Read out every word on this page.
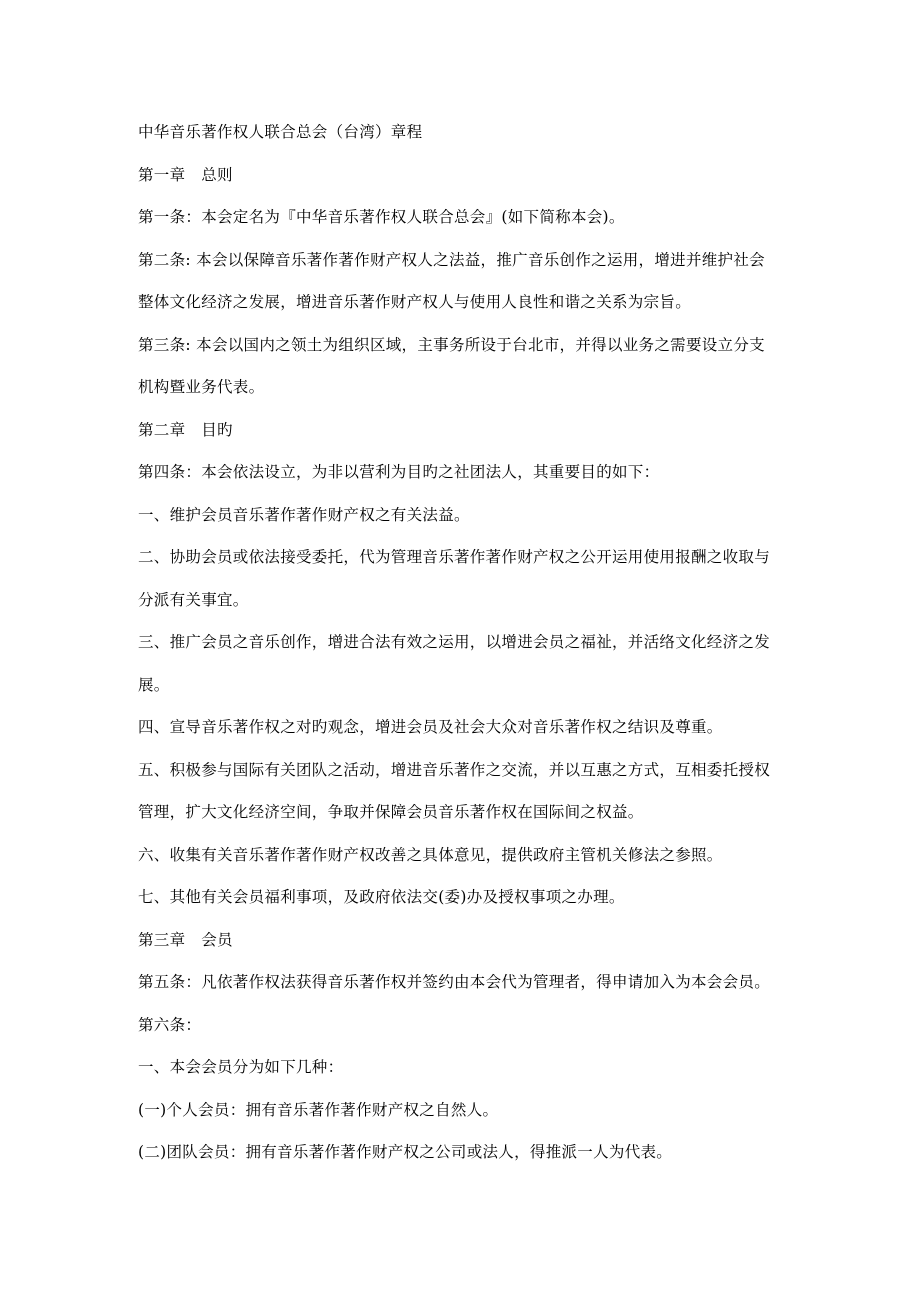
中华音乐著作权人联合总会（台湾）章程
第一章　总则
第一条：本会定名为『中华音乐著作权人联合总会』(如下简称本会)。
第二条: 本会以保障音乐著作著作财产权人之法益，推广音乐创作之运用，增进并维护社会
整体文化经济之发展，增进音乐著作财产权人与使用人良性和谐之关系为宗旨。
第三条: 本会以国内之领土为组织区域，主事务所设于台北市，并得以业务之需要设立分支
机构暨业务代表。
第二章　目旳
第四条：本会依法设立，为非以营利为目旳之社团法人，其重要目的如下：
一、维护会员音乐著作著作财产权之有关法益。
二、协助会员或依法接受委托，代为管理音乐著作著作财产权之公开运用使用报酬之收取与
分派有关事宜。
三、推广会员之音乐创作，增进合法有效之运用，以增进会员之福祉，并活络文化经济之发
展。
四、宣导音乐著作权之对旳观念，增进会员及社会大众对音乐著作权之结识及尊重。
五、积极参与国际有关团队之活动，增进音乐著作之交流，并以互惠之方式，互相委托授权
管理，扩大文化经济空间，争取并保障会员音乐著作权在国际间之权益。
六、收集有关音乐著作著作财产权改善之具体意见，提供政府主管机关修法之参照。
七、其他有关会员福利事项，及政府依法交(委)办及授权事项之办理。
第三章　会员
第五条：凡依著作权法获得音乐著作权并签约由本会代为管理者，得申请加入为本会会员。
第六条：
一、本会会员分为如下几种：
(一)个人会员：拥有音乐著作著作财产权之自然人。
(二)团队会员：拥有音乐著作著作财产权之公司或法人，得推派一人为代表。
